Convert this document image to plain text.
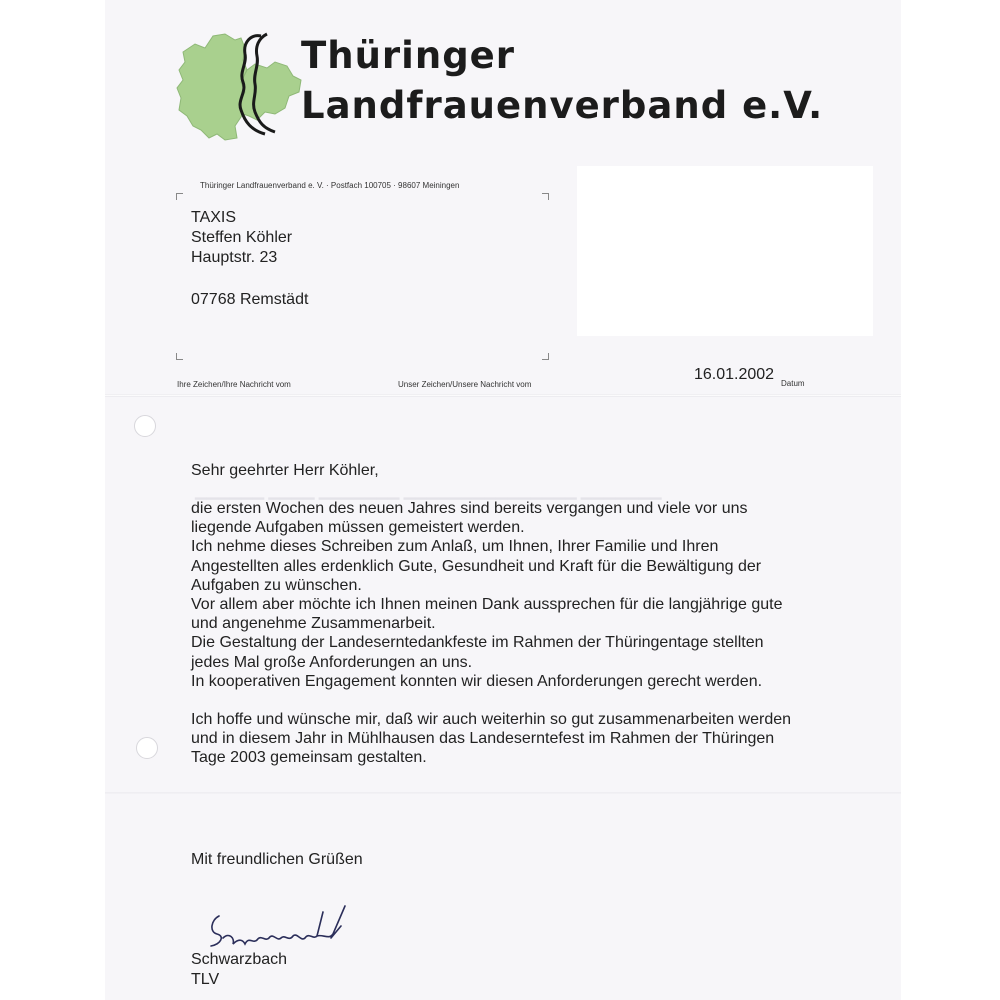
▁▁▁▁▁▁ ▁▁▁▁ ▁▁▁▁▁▁▁ ▁▁▁▁▁▁▁▁▁▁▁▁▁▁▁ ▁▁▁▁▁▁▁
Thüringer
Landfrauenverband e.V.
Thüringer Landfrauenverband e. V. · Postfach 100705 · 98607 Meiningen
TAXIS
Steffen Köhler
Hauptstr. 23
07768 Remstädt
Ihre Zeichen/Ihre Nachricht vom	Unser Zeichen/Unsere Nachricht vom
16.01.2002
Datum
Sehr geehrter Herr Köhler,
die ersten Wochen des neuen Jahres sind bereits vergangen und viele vor uns
liegende Aufgaben müssen gemeistert werden.
Ich nehme dieses Schreiben zum Anlaß, um Ihnen, Ihrer Familie und Ihren
Angestellten alles erdenklich Gute, Gesundheit und Kraft für die Bewältigung der
Aufgaben zu wünschen.
Vor allem aber möchte ich Ihnen meinen Dank aussprechen für die langjährige gute
und angenehme Zusammenarbeit.
Die Gestaltung der Landeserntedankfeste im Rahmen der Thüringentage stellten
jedes Mal große Anforderungen an uns.
In kooperativen Engagement konnten wir diesen Anforderungen gerecht werden.
Ich hoffe und wünsche mir, daß wir auch weiterhin so gut zusammenarbeiten werden
und in diesem Jahr in Mühlhausen das Landeserntefest im Rahmen der Thüringen
Tage 2003 gemeinsam gestalten.
Mit freundlichen Grüßen
Schwarzbach
TLV
